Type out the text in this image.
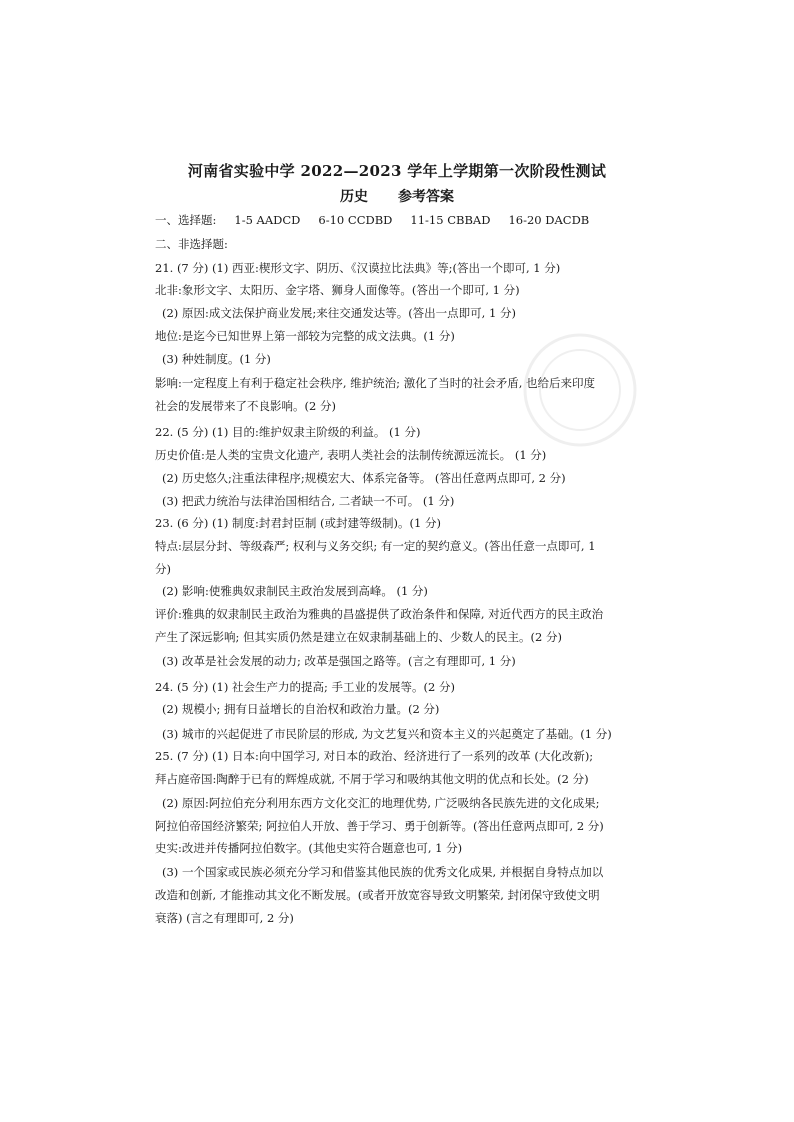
河南省实验中学 2022—2023 学年上学期第一次阶段性测试
历史 参考答案
一、选择题: 1-5 AADCD 6-10 CCDBD 11-15 CBBAD 16-20 DACDB
二、非选择题:
21. (7 分) (1) 西亚:楔形文字、阴历、《汉谟拉比法典》等;(答出一个即可, 1 分)
北非:象形文字、太阳历、金字塔、狮身人面像等。(答出一个即可, 1 分)
(2) 原因:成文法保护商业发展;来往交通发达等。(答出一点即可, 1 分)
地位:是迄今已知世界上第一部较为完整的成文法典。(1 分)
(3) 种姓制度。(1 分)
影响:一定程度上有利于稳定社会秩序, 维护统治; 激化了当时的社会矛盾, 也给后来印度
社会的发展带来了不良影响。(2 分)
22. (5 分) (1) 目的:维护奴隶主阶级的利益。 (1 分)
历史价值:是人类的宝贵文化遗产, 表明人类社会的法制传统源远流长。 (1 分)
(2) 历史悠久;注重法律程序;规模宏大、体系完备等。 (答出任意两点即可, 2 分)
(3) 把武力统治与法律治国相结合, 二者缺一不可。 (1 分)
23. (6 分) (1) 制度:封君封臣制 (或封建等级制)。(1 分)
特点:层层分封、等级森严; 权利与义务交织; 有一定的契约意义。(答出任意一点即可, 1
分)
(2) 影响:使雅典奴隶制民主政治发展到高峰。 (1 分)
评价:雅典的奴隶制民主政治为雅典的昌盛提供了政治条件和保障, 对近代西方的民主政治
产生了深远影响; 但其实质仍然是建立在奴隶制基础上的、少数人的民主。(2 分)
(3) 改革是社会发展的动力; 改革是强国之路等。(言之有理即可, 1 分)
24. (5 分) (1) 社会生产力的提高; 手工业的发展等。(2 分)
(2) 规模小; 拥有日益增长的自治权和政治力量。(2 分)
(3) 城市的兴起促进了市民阶层的形成, 为文艺复兴和资本主义的兴起奠定了基础。(1 分)
25. (7 分) (1) 日本:向中国学习, 对日本的政治、经济进行了一系列的改革 (大化改新);
拜占庭帝国:陶醉于已有的辉煌成就, 不屑于学习和吸纳其他文明的优点和长处。(2 分)
(2) 原因:阿拉伯充分利用东西方文化交汇的地理优势, 广泛吸纳各民族先进的文化成果;
阿拉伯帝国经济繁荣; 阿拉伯人开放、善于学习、勇于创新等。(答出任意两点即可, 2 分)
史实:改进并传播阿拉伯数字。(其他史实符合题意也可, 1 分)
(3) 一个国家或民族必须充分学习和借鉴其他民族的优秀文化成果, 并根据自身特点加以
改造和创新, 才能推动其文化不断发展。(或者开放宽容导致文明繁荣, 封闭保守致使文明
衰落) (言之有理即可, 2 分)
